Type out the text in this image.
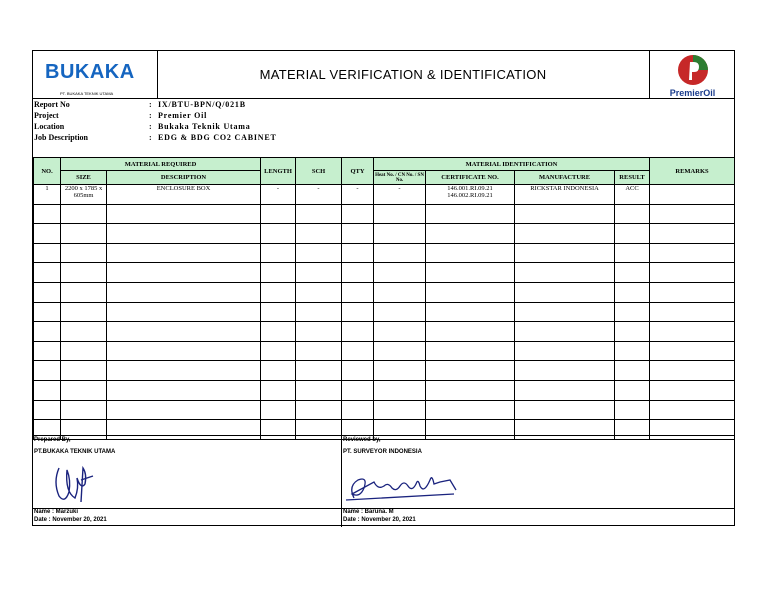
BUKAKA
PT. BUKAKA TEKNIK UTAMA
MATERIAL VERIFICATION & IDENTIFICATION
PremierOil
Report No	: IX/BTU-BPN/Q/021B
Project	: Premier Oil
Location	: Bukaka Teknik Utama
Job Description	: EDG & BDG CO2 CABINET
NO.	MATERIAL REQUIRED		LENGTH	SCH	QTY	MATERIAL IDENTIFICATION				REMARKS
	SIZE	DESCRIPTION				Heat No. / CN No. / SN No.	CERTIFICATE NO.	MANUFACTURE	RESULT	
1	2200 x 1785 x 605mm	ENCLOSURE BOX	-	-	-	-	146.001.RI.09.21
146.002.RI.09.21	RICKSTAR INDONESIA	ACC	

Prepared By,
PT.BUKAKA TEKNIK UTAMA
Name : Marzuki
Date : November 20, 2021
Reviewed by,
PT. SURVEYOR INDONESIA
Name : Baruna. M
Date : November 20, 2021
